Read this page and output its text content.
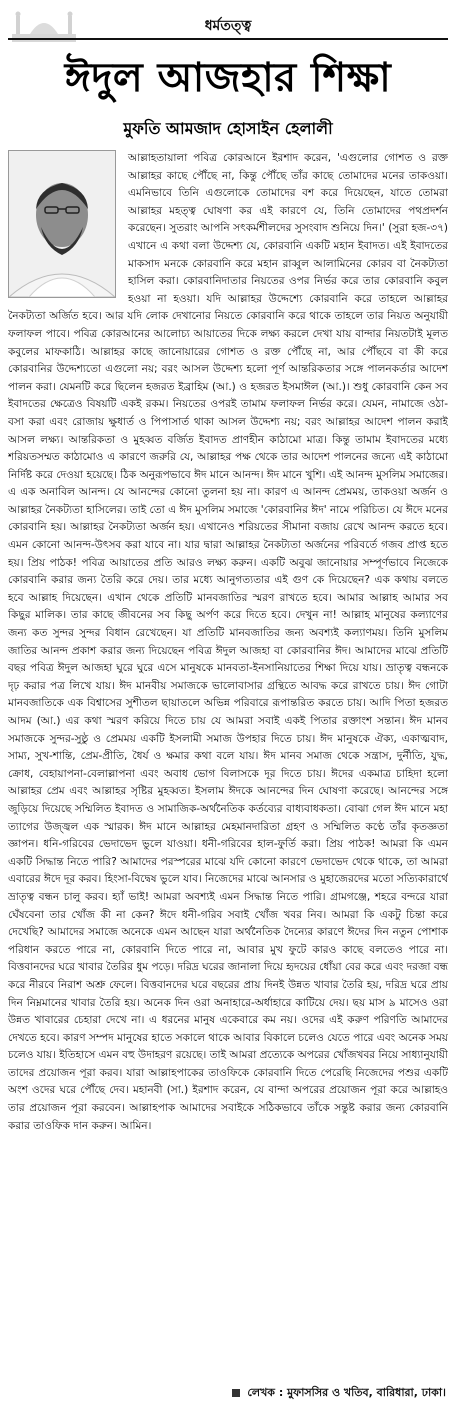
ধর্মতত্ত্ব
ঈদুল আজহার শিক্ষা
মুফতি আমজাদ হোসাইন হেলালী

আল্লাহতায়ালা পবিত্র কোরআনে ইরশাদ করেন, 'এগুলোর গোশত ও রক্ত আল্লাহর কাছে পৌঁছে না, কিন্তু পৌঁছে তাঁর কাছে তোমাদের মনের তাকওয়া। এমনিভাবে তিনি এগুলোকে তোমাদের বশ করে দিয়েছেন, যাতে তোমরা আল্লাহর মহত্ত্ব ঘোষণা কর এই কারণে যে, তিনি তোমাদের পথপ্রদর্শন করেছেন। সুতরাং আপনি সৎকর্মশীলদের সুসংবাদ শুনিয়ে দিন।' (সুরা হজ-৩৭) এখানে এ কথা বলা উদ্দেশ্য যে, কোরবানি একটি মহান ইবাদত। এই ইবাদতের মাকসাদ মনকে কোরবানি করে মহান রাব্বুল আলামিনের কোরব বা নৈকট্যতা হাসিল করা। কোরবানিদাতার নিয়তের ওপর নির্ভর করে তার কোরবানি কবুল হওয়া না হওয়া। যদি আল্লাহর উদ্দেশ্যে কোরবানি করে তাহলে আল্লাহর নৈকট্যতা অর্জিত হবে। আর যদি লোক দেখানোর নিয়তে কোরবানি করে থাকে তাহলে তার নিয়ত অনুযায়ী ফলাফল পাবে। পবিত্র কোরআনের আলোচ্য আয়াতের দিকে লক্ষ্য করলে দেখা যায় বান্দার নিয়তটাই মূলত কবুলের মাফকাঠি। আল্লাহর কাছে জানোয়ারের গোশত ও রক্ত পৌঁছে না, আর পৌঁছবে বা কী করে কোরবানির উদ্দেশ্যতো এগুলো নয়; বরং আসল উদ্দেশ্য হলো পূর্ণ আন্তরিকতার সঙ্গে পালনকর্তার আদেশ পালন করা। যেমনটি করে ছিলেন হজরত ইব্রাহিম (আ.) ও হজরত ইসমাঈল (আ.)। শুধু কোরবানি কেন সব ইবাদতের ক্ষেত্রেও বিষয়টি একই রকম। নিয়তের ওপরই তামাম ফলাফল নির্ভর করে। যেমন, নামাজে ওঠা-বসা করা এবং রোজায় ক্ষুধার্ত ও পিপাসার্ত থাকা আসল উদ্দেশ্য নয়; বরং আল্লাহর আদেশ পালন করাই আসল লক্ষ্য। আন্তরিকতা ও মুহব্বত বর্জিত ইবাদত প্রাণহীন কাঠামো মাত্র। কিন্তু তামাম ইবাদতের মধ্যে শরিয়তসম্মত কাঠামোও এ কারণে জরুরি যে, আল্লাহর পক্ষ থেকে তার আদেশ পালনের জন্যে এই কাঠামো নির্দিষ্ট করে দেওয়া হয়েছে। ঠিক অনুরূপভাবে ঈদ মানে আনন্দ। ঈদ মানে খুশি। এই আনন্দ মুসলিম সমাজের। এ এক অনাবিল আনন্দ। যে আনন্দের কোনো তুলনা হয় না। কারণ এ আনন্দ প্রেমময়, তাকওয়া অর্জন ও আল্লাহর নৈকট্যতা হাসিলের। তাই তো এ ঈদ মুসলিম সমাজে 'কোরবানির ঈদ' নামে পরিচিত। যে ঈদে মনের কোরবানি হয়। আল্লাহর নৈকট্যতা অর্জন হয়। এখানেও শরিয়তের সীমানা বজায় রেখে আনন্দ করতে হবে। এমন কোনো আনন্দ-উৎসব করা যাবে না। যার দ্বারা আল্লাহর নৈকট্যতা অর্জনের পরিবর্তে গজব প্রাপ্ত হতে হয়। প্রিয় পাঠক! পবিত্র আয়াতের প্রতি আরও লক্ষ্য করুন। একটি অবুঝ জানোয়ার সম্পূর্ণভাবে নিজেকে কোরবানি করার জন্য তৈরি করে দেয়। তার মধ্যে আনুগত্যতার এই গুণ কে দিয়েছেন? এক কথায় বলতে হবে আল্লাহ দিয়েছেন। এখান থেকে প্রতিটি মানবজাতির স্মরণ রাখতে হবে। আমার আল্লাহ আমার সব কিছুর মালিক। তার কাছে জীবনের সব কিছু অর্পণ করে দিতে হবে। দেখুন না! আল্লাহ মানুষের কল্যাণের জন্য কত সুন্দর সুন্দর বিধান রেখেছেন। যা প্রতিটি মানবজাতির জন্য অবশ্যই কল্যাণময়। তিনি মুসলিম জাতির আনন্দ প্রকাশ করার জন্য দিয়েছেন পবিত্র ঈদুল আজহা বা কোরবানির ঈদ। আমাদের মাঝে প্রতিটি বছর পবিত্র ঈদুল আজহা ঘুরে ঘুরে এসে মানুষকে মানবতা-ইনসানিয়াতের শিক্ষা দিয়ে যায়। ভ্রাতৃত্ব বন্ধনকে দৃঢ় করার পত্র লিখে যায়। ঈদ মানবীয় সমাজকে ভালোবাসার গ্রন্থিতে আবদ্ধ করে রাখতে চায়। ঈদ গোটা মানবজাতিকে এক বিশ্বাসের সুশীতল ছায়াতলে অভিন্ন পরিবারে রূপান্তরিত করতে চায়। আদি পিতা হজরত আদম (আ.) এর কথা স্মরণ করিয়ে দিতে চায় যে আমরা সবাই একই পিতার রক্তাংশ সন্তান। ঈদ মানব সমাজকে সুন্দর-সুষ্ঠু ও প্রেমময় একটি ইসলামী সমাজ উপহার দিতে চায়। ঈদ মানুষকে ঐক্য, একাত্মবাদ, সাম্য, সুখ-শান্তি, প্রেম-প্রীতি, ধৈর্য ও ক্ষমার কথা বলে যায়। ঈদ মানব সমাজ থেকে সন্ত্রাস, দুর্নীতি, যুদ্ধ, ক্রোধ, বেহায়াপনা-বেলাল্লাপনা এবং অবাধ ভোগ বিলাসকে দূর দিতে চায়। ঈদের একমাত্র চাহিদা হলো আল্লাহর প্রেম এবং আল্লাহর সৃষ্টির মুহব্বত। ইসলাম ঈদকে আনন্দের দিন ঘোষণা করেছে। আনন্দের সঙ্গে জুড়িয়ে দিয়েছে সম্মিলিত ইবাদত ও সামাজিক-অর্থনৈতিক কর্তব্যের বাধ্যবাধকতা। বোঝা গেল ঈদ মানে মহা ত্যাগের উজ্জ্বল এক স্মারক। ঈদ মানে আল্লাহর মেহমানদারিতা গ্রহণ ও সম্মিলিত কণ্ঠে তাঁর কৃতজ্ঞতা জ্ঞাপন। ধনি-গরিবের ভেদাভেদ ভুলে যাওয়া। ধনী-গরিবের হাল-ফুর্তি করা। প্রিয় পাঠক! আমরা কি এমন একটি সিদ্ধান্ত নিতে পারি? আমাদের পরস্পরের মাঝে যদি কোনো কারণে ভেদাভেদ থেকে থাকে, তা আমরা এবারের ঈদে দূর করব। হিংসা-বিদ্বেষ ভুলে যাব। নিজেদের মাঝে আনসার ও মুহাজেরদের মতো সত্যিকারার্থে ভ্রাতৃত্ব বন্ধন চালু করব। হ্যাঁ ভাই! আমরা অবশ্যই এমন সিদ্ধান্ত নিতে পারি। গ্রামগঞ্জে, শহরে বন্দরে যারা ঘেঁষবেনা তার খোঁজ কী না কেন? ঈদে ধনী-গরিব সবাই খোঁজ খবর নিব। আমরা কি একটু চিন্তা করে দেখেছি? আমাদের সমাজে অনেকে এমন আছেন যারা অর্থনৈতিক দৈন্যের কারণে ঈদের দিন নতুন পোশাক পরিধান করতে পারে না, কোরবানি দিতে পারে না, আবার মুখ ফুটে কারও কাছে বলতেও পারে না। বিত্তবানদের ঘরে খাবার তৈরির ধুম পড়ে। দরিদ্র ঘরের জানালা দিয়ে হৃদয়ের ধোঁয়া বের করে এবং দরজা বন্ধ করে নীরবে নিরাশ অশ্রু ফেলে। বিত্তবানদের ঘরে বছরের প্রায় দিনই উন্নত খাবার তৈরি হয়, দরিদ্র ঘরে প্রায় দিন নিম্নমানের খাবার তৈরি হয়। অনেক দিন ওরা অনাহারে-অর্ধাহারে কাটিয়ে দেয়। ছয় মাস ৯ মাসেও ওরা উন্নত খাবারের চেহারা দেখে না। এ ধরনের মানুষ একেবারে কম নয়। ওদের এই করুণ পরিণতি আমাদের দেখতে হবে। কারণ সম্পদ মানুষের হাতে সকালে থাকে আবার বিকালে চলেও যেতে পারে এবং অনেক সময় চলেও যায়। ইতিহাসে এমন বহু উদাহরণ রয়েছে। তাই আমরা প্রত্যেকে অপরের খোঁজখবর নিয়ে সাধ্যানুযায়ী তাদের প্রয়োজন পূরা করব। যারা আল্লাহপাকের তাওফিকে কোরবানি দিতে পেরেছি নিজেদের পশুর একটি অংশ ওদের ঘরে পৌঁছে দেব। মহানবী (সা.) ইরশাদ করেন, যে বান্দা অপরের প্রয়োজন পূরা করে আল্লাহও তার প্রয়োজন পূরা করবেন। আল্লাহপাক আমাদের সবাইকে সঠিকভাবে তাঁকে সন্তুষ্ট করার জন্য কোরবানি করার তাওফিক দান করুন। আমিন।

লেখক : মুফাসসির ও খতিব, বারিধারা, ঢাকা।
